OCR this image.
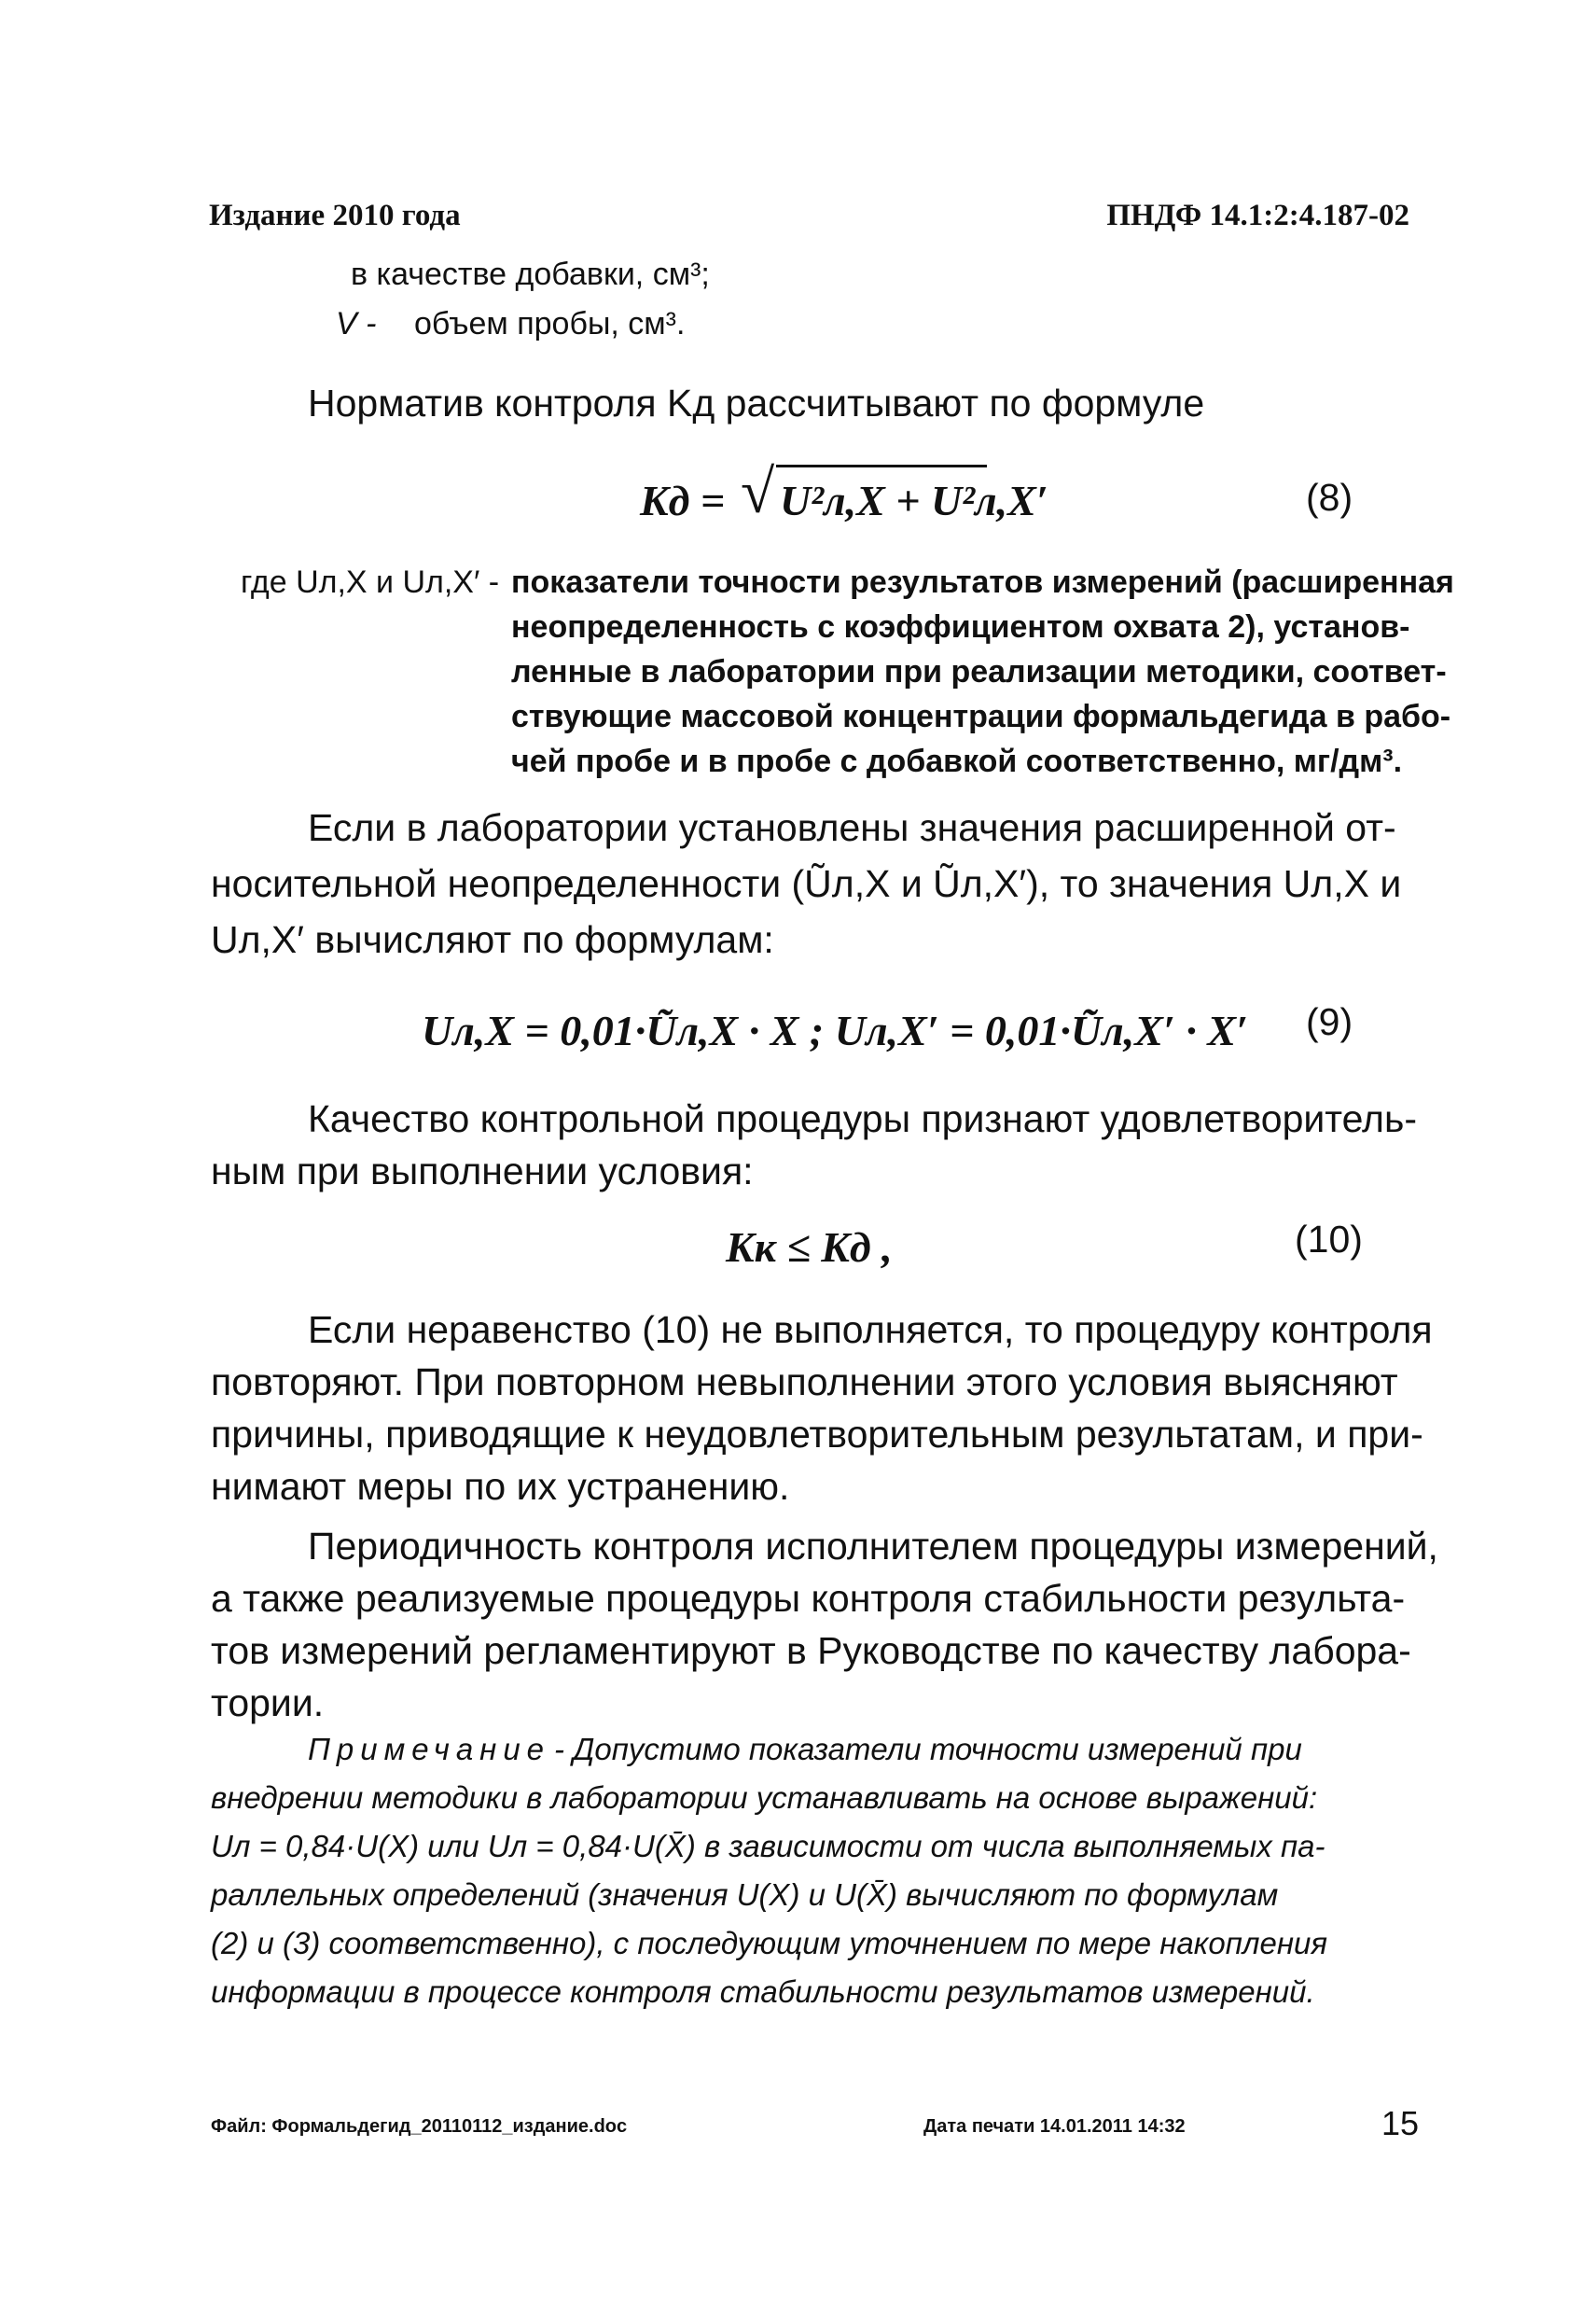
Издание 2010 года	ПНДФ 14.1:2:4.187-02
в качестве добавки, см³;
V - объем пробы, см³.
Норматив контроля Kд рассчитывают по формуле
Kд = √ U²л,X + U²л,X′	(8)
где Uл,X и Uл,X′ - показатели точности результатов измерений (расширенная
неопределенность с коэффициентом охвата 2), установ-
ленные в лаборатории при реализации методики, соответ-
ствующие массовой концентрации формальдегида в рабо-
чей пробе и в пробе с добавкой соответственно, мг/дм³.
Если в лаборатории установлены значения расширенной от-
носительной неопределенности (Ũл,X и Ũл,X′), то значения Uл,X и
Uл,X′ вычисляют по формулам:
Uл,X = 0,01·Ũл,X · X ; Uл,X′ = 0,01·Ũл,X′ · X′ (9)
Качество контрольной процедуры признают удовлетворитель-
ным при выполнении условия:
Kк ≤ Kд ,	(10)
Если неравенство (10) не выполняется, то процедуру контроля
повторяют. При повторном невыполнении этого условия выясняют
причины, приводящие к неудовлетворительным результатам, и при-
нимают меры по их устранению.
Периодичность контроля исполнителем процедуры измерений,
а также реализуемые процедуры контроля стабильности результа-
тов измерений регламентируют в Руководстве по качеству лабора-
тории.
Примечание - Допустимо показатели точности измерений при
внедрении методики в лаборатории устанавливать на основе выражений:
Uл = 0,84·U(X) или Uл = 0,84·U(X̄) в зависимости от числа выполняемых па-
раллельных определений (значения U(X) и U(X̄) вычисляют по формулам
(2) и (3) соответственно), с последующим уточнением по мере накопления
информации в процессе контроля стабильности результатов измерений.
Файл: Формальдегид_20110112_издание.doc	Дата печати 14.01.2011 14:32	15
